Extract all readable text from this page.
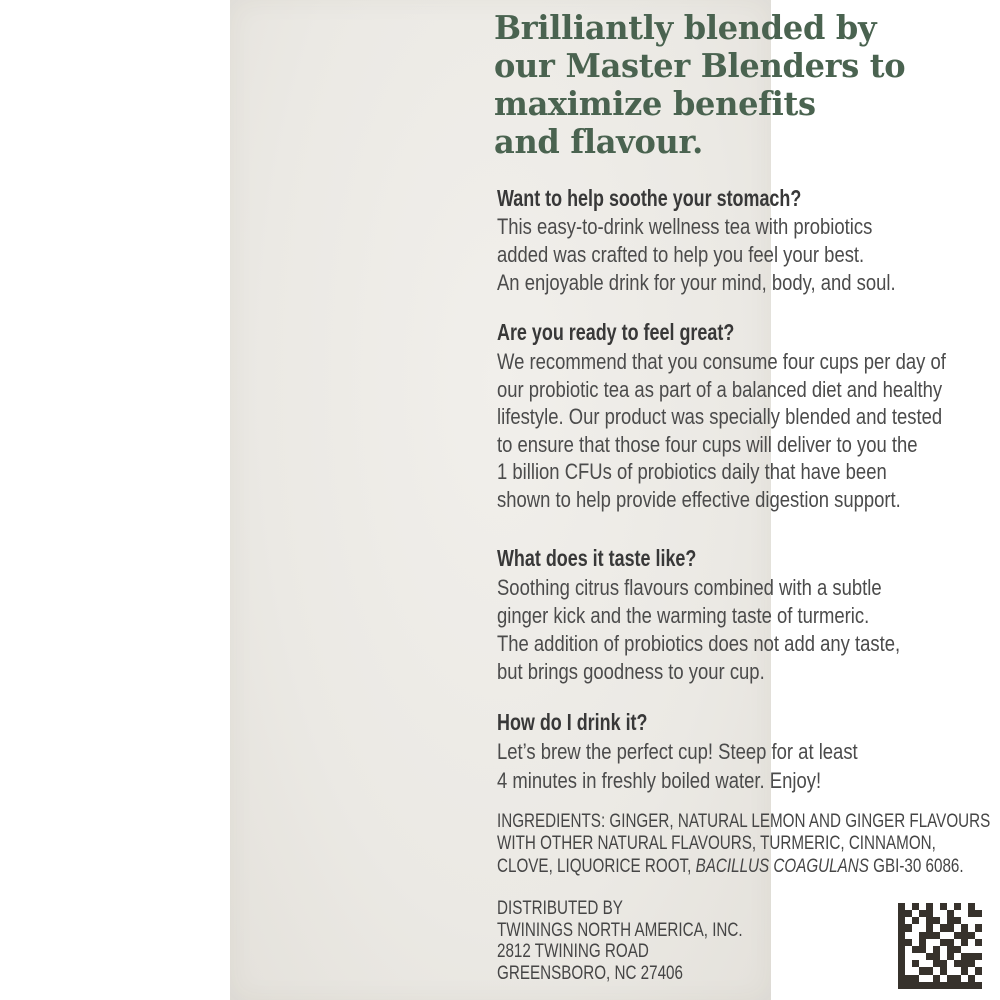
Brilliantly blended by
our Master Blenders to
maximize benefits
and flavour.
Want to help soothe your stomach?
This easy-to-drink wellness tea with probiotics
added was crafted to help you feel your best.
An enjoyable drink for your mind, body, and soul.
Are you ready to feel great?
We recommend that you consume four cups per day of
our probiotic tea as part of a balanced diet and healthy
lifestyle. Our product was specially blended and tested
to ensure that those four cups will deliver to you the
1 billion CFUs of probiotics daily that have been
shown to help provide effective digestion support.
What does it taste like?
Soothing citrus flavours combined with a subtle
ginger kick and the warming taste of turmeric.
The addition of probiotics does not add any taste,
but brings goodness to your cup.
How do I drink it?
Let’s brew the perfect cup! Steep for at least
4 minutes in freshly boiled water. Enjoy!
INGREDIENTS: GINGER, NATURAL LEMON AND GINGER FLAVOURS
WITH OTHER NATURAL FLAVOURS, TURMERIC, CINNAMON,
CLOVE, LIQUORICE ROOT, BACILLUS COAGULANS GBI-30 6086.
DISTRIBUTED BY
TWININGS NORTH AMERICA, INC.
2812 TWINING ROAD
GREENSBORO, NC 27406
